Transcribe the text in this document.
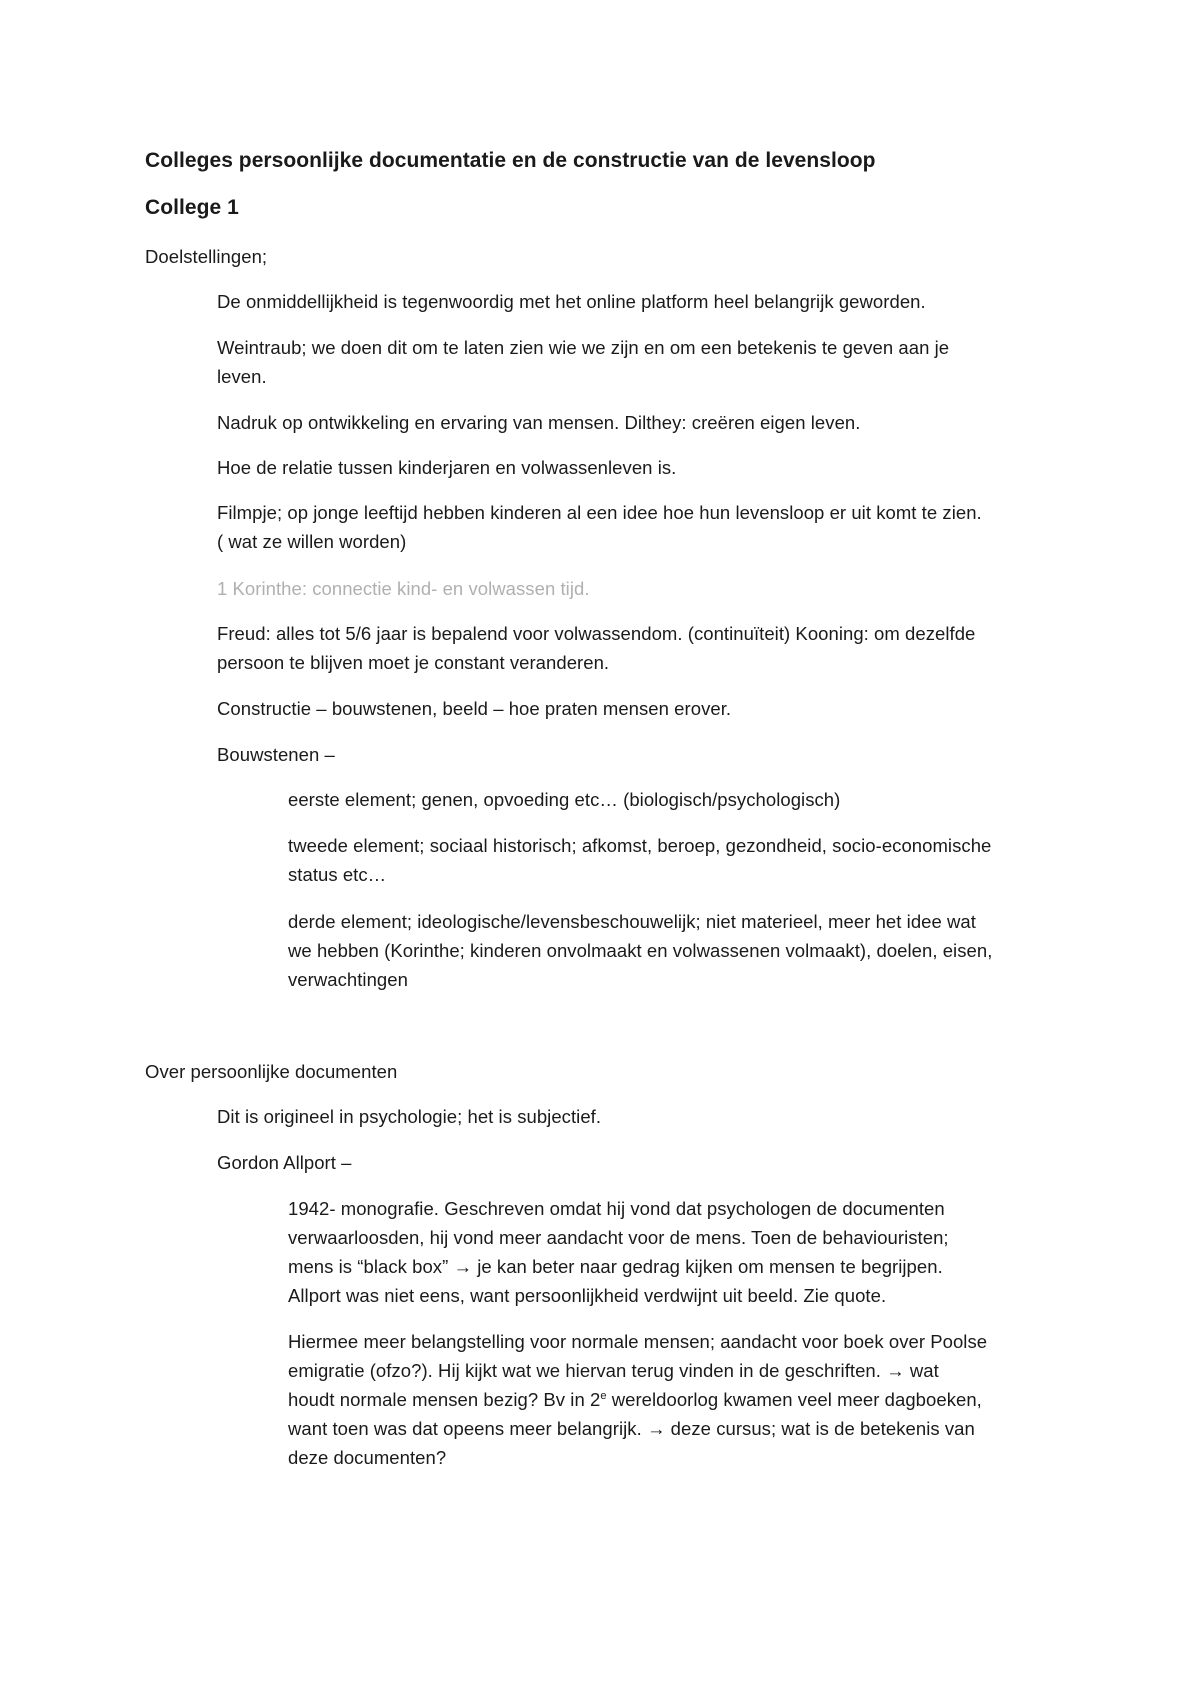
Colleges persoonlijke documentatie en de constructie van de levensloop
College 1
Doelstellingen;
De onmiddellijkheid is tegenwoordig met het online platform heel belangrijk geworden.
Weintraub; we doen dit om te laten zien wie we zijn en om een betekenis te geven aan je
leven.
Nadruk op ontwikkeling en ervaring van mensen. Dilthey: creëren eigen leven.
Hoe de relatie tussen kinderjaren en volwassenleven is.
Filmpje; op jonge leeftijd hebben kinderen al een idee hoe hun levensloop er uit komt te zien.
( wat ze willen worden)
1 Korinthe: connectie kind- en volwassen tijd.
Freud: alles tot 5/6 jaar is bepalend voor volwassendom. (continuïteit) Kooning: om dezelfde
persoon te blijven moet je constant veranderen.
Constructie – bouwstenen, beeld – hoe praten mensen erover.
Bouwstenen –
eerste element; genen, opvoeding etc… (biologisch/psychologisch)
tweede element; sociaal historisch; afkomst, beroep, gezondheid, socio-economische
status etc…
derde element; ideologische/levensbeschouwelijk; niet materieel, meer het idee wat
we hebben (Korinthe; kinderen onvolmaakt en volwassenen volmaakt), doelen, eisen,
verwachtingen
Over persoonlijke documenten
Dit is origineel in psychologie; het is subjectief.
Gordon Allport –
1942- monografie. Geschreven omdat hij vond dat psychologen de documenten
verwaarloosden, hij vond meer aandacht voor de mens. Toen de behaviouristen;
mens is “black box” → je kan beter naar gedrag kijken om mensen te begrijpen.
Allport was niet eens, want persoonlijkheid verdwijnt uit beeld. Zie quote.
Hiermee meer belangstelling voor normale mensen; aandacht voor boek over Poolse
emigratie (ofzo?). Hij kijkt wat we hiervan terug vinden in de geschriften. → wat
houdt normale mensen bezig? Bv in 2e wereldoorlog kwamen veel meer dagboeken,
want toen was dat opeens meer belangrijk. → deze cursus; wat is de betekenis van
deze documenten?
